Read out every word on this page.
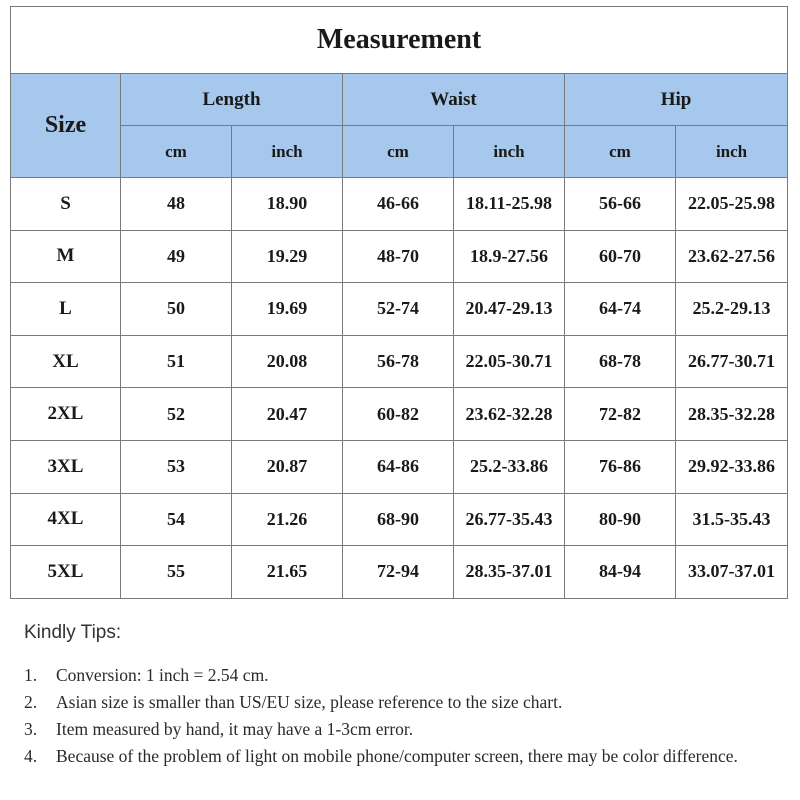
Measurement						
Size	Length		Waist		Hip	
	cm	inch	cm	inch	cm	inch
S	48	18.90	46-66	18.11-25.98	56-66	22.05-25.98
M	49	19.29	48-70	18.9-27.56	60-70	23.62-27.56
L	50	19.69	52-74	20.47-29.13	64-74	25.2-29.13
XL	51	20.08	56-78	22.05-30.71	68-78	26.77-30.71
2XL	52	20.47	60-82	23.62-32.28	72-82	28.35-32.28
3XL	53	20.87	64-86	25.2-33.86	76-86	29.92-33.86
4XL	54	21.26	68-90	26.77-35.43	80-90	31.5-35.43
5XL	55	21.65	72-94	28.35-37.01	84-94	33.07-37.01
Kindly Tips:
1. Conversion: 1 inch = 2.54 cm.
2. Asian size is smaller than US/EU size, please reference to the size chart.
3. Item measured by hand, it may have a 1-3cm error.
4. Because of the problem of light on mobile phone/computer screen, there may be color difference.
